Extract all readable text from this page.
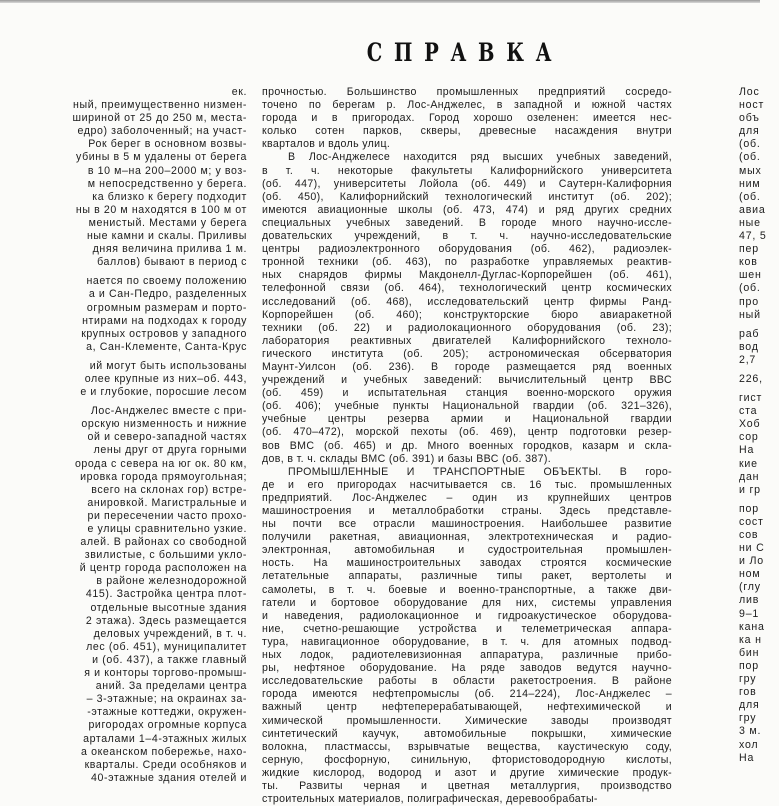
СПРАВКА
ек.
ный, преимущественно низмен-
шириной от 25 до 250 м, места-
едро) заболоченный; на участ-
Рок берег в основном возвы-
убины в 5 м удалены от берега
в 10 м–на 200–2000 м; у воз-
м непосредственно у берега.
ка близко к берегу подходит
ны в 20 м находятся в 100 м от
менистый. Местами у берега
ные камни и скалы. Приливы
дняя величина прилива 1 м.
баллов) бывают в период с
нается по своему положению
а и Сан-Педро, разделенных
огромным размерам и порто-
нтирами на подходах к городу
крупных островов у западного
а, Сан-Клементе, Санта-Крус
ий могут быть использованы
олее крупные из них–об. 443,
е и глубокие, поросшие лесом
Лос-Анджелес вместе с при-
орскую низменность и нижние
ой и северо-западной частях
лены друг от друга горными
орода с севера на юг ок. 80 км,
ировка города прямоугольная;
всего на склонах гор) встре-
анировкой. Магистральные и
ри пересечении часто прохо-
е улицы сравнительно узкие.
алей. В районах со свободной
звилистые, с большими укло-
й центр города расположен на
в районе железнодорожной
415). Застройка центра плот-
отдельные высотные здания
2 этажа). Здесь размещается
деловых учреждений, в т. ч.
лес (об. 451), муниципалитет
и (об. 437), а также главный
я и конторы торгово-промыш-
аний. За пределами центра
– 3-этажные; на окраинах за-
-этажные коттеджи, окружен-
ригородах огромные корпуса
арталами 1–4-этажных жилых
а океанском побережье, нахо-
кварталы. Среди особняков и
40-этажные здания отелей и
прочностью. Большинство промышленных предприятий сосредо-
точено по берегам р. Лос-Анджелес, в западной и южной частях
города и в пригородах. Город хорошо озеленен: имеется нес-
колько сотен парков, скверы, древесные насаждения внутри
кварталов и вдоль улиц.
В Лос-Анджелесе находится ряд высших учебных заведений,
в т. ч. некоторые факультеты Калифорнийского университета
(об. 447), университеты Лойола (об. 449) и Саутерн-Калифорния
(об. 450), Калифорнийский технологический институт (об. 202);
имеются авиационные школы (об. 473, 474) и ряд других средних
специальных учебных заведений. В городе много научно-иссле-
довательских учреждений, в т. ч. научно-исследовательские
центры радиоэлектронного оборудования (об. 462), радиоэлек-
тронной техники (об. 463), по разработке управляемых реактив-
ных снарядов фирмы Макдонелл-Дуглас-Корпорейшен (об. 461),
телефонной связи (об. 464), технологический центр космических
исследований (об. 468), исследовательский центр фирмы Ранд-
Корпорейшен (об. 460); конструкторские бюро авиаракетной
техники (об. 22) и радиолокационного оборудования (об. 23);
лаборатория реактивных двигателей Калифорнийского техноло-
гического института (об. 205); астрономическая обсерватория
Маунт-Уилсон (об. 236). В городе размещается ряд военных
учреждений и учебных заведений: вычислительный центр ВВС
(об. 459) и испытательная станция военно-морского оружия
(об. 406); учебные пункты Национальной гвардии (об. 321–326),
учебные центры резерва армии и Национальной гвардии
(об. 470–472), морской пехоты (об. 469), центр подготовки резер-
вов ВМС (об. 465) и др. Много военных городков, казарм и скла-
дов, в т. ч. склады ВМС (об. 391) и базы ВВС (об. 387).
ПРОМЫШЛЕННЫЕ И ТРАНСПОРТНЫЕ ОБЪЕКТЫ. В горо-
де и его пригородах насчитывается св. 16 тыс. промышленных
предприятий. Лос-Анджелес – один из крупнейших центров
машиностроения и металлобработки страны. Здесь представле-
ны почти все отрасли машиностроения. Наибольшее развитие
получили ракетная, авиационная, электротехническая и радио-
электронная, автомобильная и судостроительная промышлен-
ность. На машиностроительных заводах строятся космические
летательные аппараты, различные типы ракет, вертолеты и
самолеты, в т. ч. боевые и военно-транспортные, а также дви-
гатели и бортовое оборудование для них, системы управления
и наведения, радиолокационное и гидроакустическое оборудова-
ние, счетно-решающие устройства и телеметрическая аппара-
тура, навигационное оборудование, в т. ч. для атомных подвод-
ных лодок, радиотелевизионная аппаратура, различные прибо-
ры, нефтяное оборудование. На ряде заводов ведутся научно-
исследовательские работы в области ракетостроения. В районе
города имеются нефтепромыслы (об. 214–224), Лос-Анджелес –
важный центр нефтеперерабатывающей, нефтехимической и
химической промышленности. Химические заводы производят
синтетический каучук, автомобильные покрышки, химические
волокна, пластмассы, взрывчатые вещества, каустическую соду,
серную, фосфорную, синильную, фтористоводородную кислоты,
жидкие кислород, водород и азот и другие химические продук-
ты. Развиты черная и цветная металлургия, производство
строительных материалов, полиграфическая, деревообрабаты-
Лос
ност
объ
для
(об.
(об.
мых
ним
(об.
авиа
ные
47, 5
пер
ков
шен
(об.
про
ный
раб
вод
2,7
226,
гист
ста
Хоб
сор
На
кие
дан
и гр
пор
сост
сов
ни С
и Ло
ном
(глу
лив
9–1
кана
ка н
бин
пор
гру
гов
для
гру
3 м.
хол
На
